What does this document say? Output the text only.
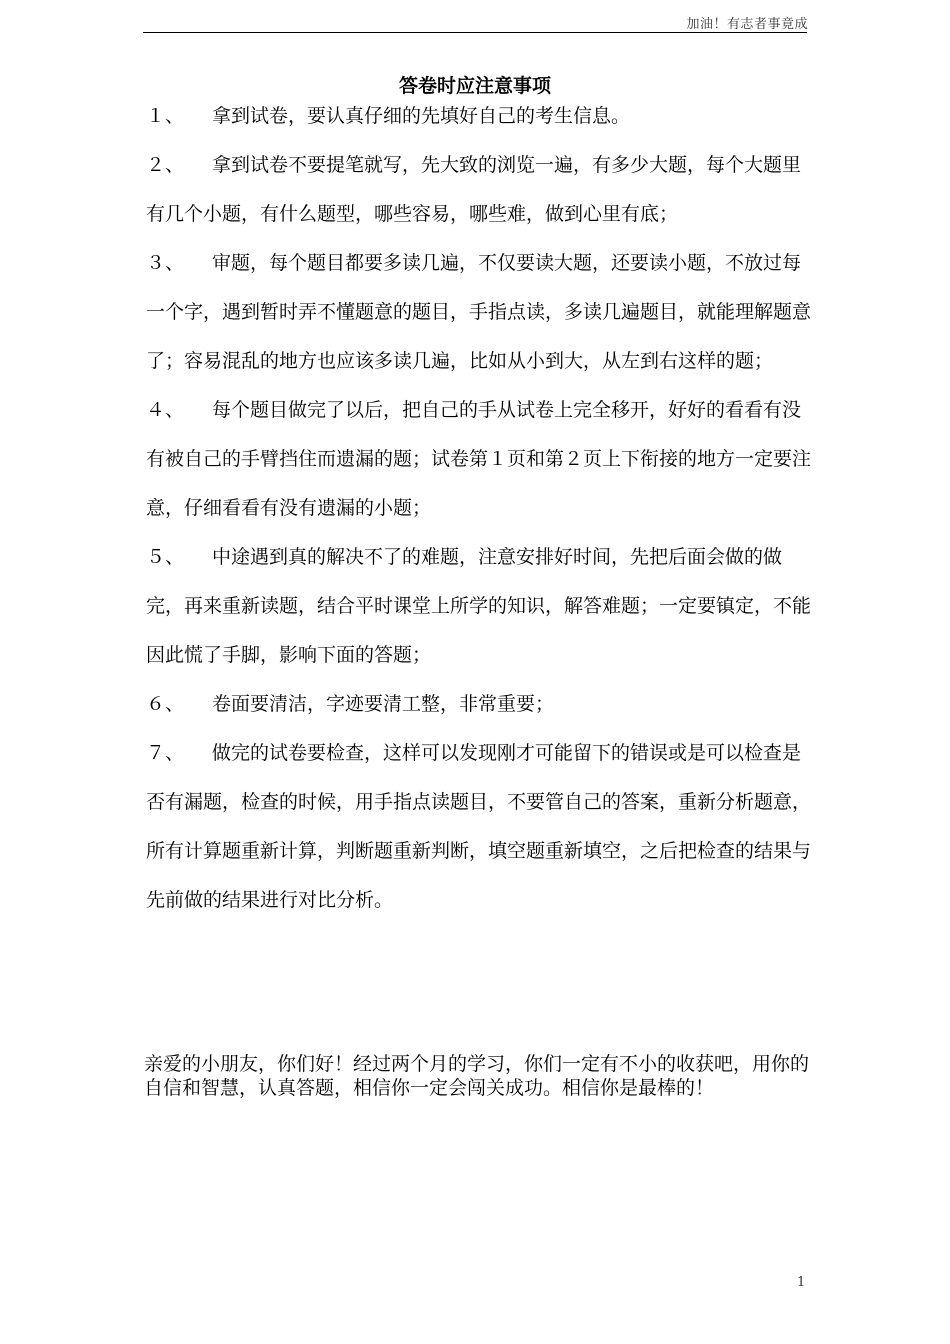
加油！有志者事竟成
答卷时应注意事项

１、 拿到试卷，要认真仔细的先填好自己的考生信息。

２、 拿到试卷不要提笔就写，先大致的浏览一遍，有多少大题，每个大题里有几个小题，有什么题型，哪些容易，哪些难，做到心里有底；

３、 审题，每个题目都要多读几遍，不仅要读大题，还要读小题，不放过每一个字，遇到暂时弄不懂题意的题目，手指点读，多读几遍题目，就能理解题意了；容易混乱的地方也应该多读几遍，比如从小到大，从左到右这样的题；

４、 每个题目做完了以后，把自己的手从试卷上完全移开，好好的看看有没有被自己的手臂挡住而遗漏的题；试卷第１页和第２页上下衔接的地方一定要注意，仔细看看有没有遗漏的小题；

５、 中途遇到真的解决不了的难题，注意安排好时间，先把后面会做的做完，再来重新读题，结合平时课堂上所学的知识，解答难题；一定要镇定，不能因此慌了手脚，影响下面的答题；

６、 卷面要清洁，字迹要清工整，非常重要；

７、 做完的试卷要检查，这样可以发现刚才可能留下的错误或是可以检查是否有漏题，检查的时候，用手指点读题目，不要管自己的答案，重新分析题意，所有计算题重新计算，判断题重新判断，填空题重新填空，之后把检查的结果与先前做的结果进行对比分析。

亲爱的小朋友，你们好！经过两个月的学习，你们一定有不小的收获吧，用你的自信和智慧，认真答题，相信你一定会闯关成功。相信你是最棒的！

1
